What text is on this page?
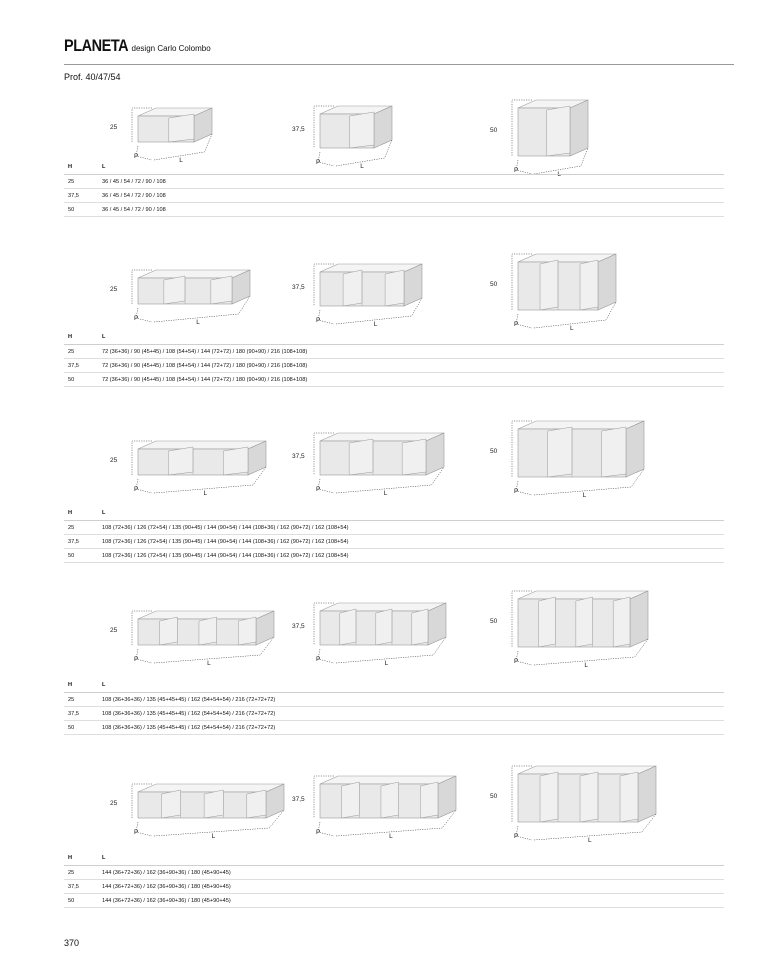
PLANETA design Carlo Colombo
Prof. 40/47/54
370
25
P
L
37,5
P
L
50
P
L
H	L
25	36 / 45 / 54 / 72 / 90 / 108
37,5	36 / 45 / 54 / 72 / 90 / 108
50	36 / 45 / 54 / 72 / 90 / 108
25
P
L
37,5
P
L
50
P
L
H	L
25	72 (36+36) / 90 (45+45) / 108 (54+54) / 144 (72+72) / 180 (90+90) / 216 (108+108)
37,5	72 (36+36) / 90 (45+45) / 108 (54+54) / 144 (72+72) / 180 (90+90) / 216 (108+108)
50	72 (36+36) / 90 (45+45) / 108 (54+54) / 144 (72+72) / 180 (90+90) / 216 (108+108)
25
P
L
37,5
P
L
50
P
L
H	L
25	108 (72+36) / 126 (72+54) / 135 (90+45) / 144 (90+54) / 144 (108+36) / 162 (90+72) / 162 (108+54)
37,5	108 (72+36) / 126 (72+54) / 135 (90+45) / 144 (90+54) / 144 (108+36) / 162 (90+72) / 162 (108+54)
50	108 (72+36) / 126 (72+54) / 135 (90+45) / 144 (90+54) / 144 (108+36) / 162 (90+72) / 162 (108+54)
25
P
L
37,5
P
L
50
P
L
H	L
25	108 (36+36+36) / 135 (45+45+45) / 162 (54+54+54) / 216 (72+72+72)
37,5	108 (36+36+36) / 135 (45+45+45) / 162 (54+54+54) / 216 (72+72+72)
50	108 (36+36+36) / 135 (45+45+45) / 162 (54+54+54) / 216 (72+72+72)
25
P
L
37,5
P
L
50
P
L
H	L
25	144 (36+72+36) / 162 (36+90+36) / 180 (45+90+45)
37,5	144 (36+72+36) / 162 (36+90+36) / 180 (45+90+45)
50	144 (36+72+36) / 162 (36+90+36) / 180 (45+90+45)
